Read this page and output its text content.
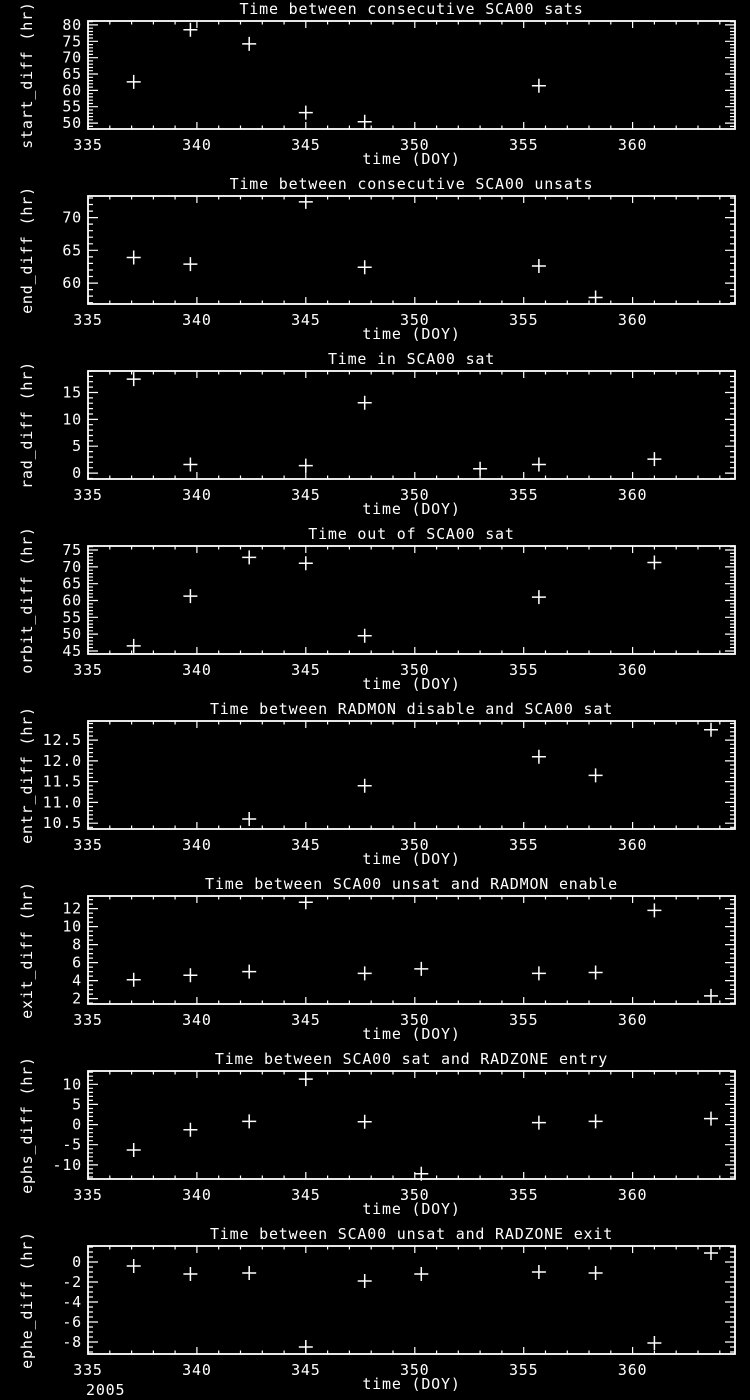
Time between consecutive SCA00 sats
335	340	345	350	355	360
50
55
60
65
70
75
80
time (DOY)
start_diff (hr)
Time between consecutive SCA00 unsats
335	340	345	350	355	360
60
65
70
time (DOY)
end_diff (hr)
Time in SCA00 sat
335	340	345	350	355	360
0
5
10
15
time (DOY)
rad_diff (hr)
Time out of SCA00 sat
335	340	345	350	355	360
45
50
55
60
65
70
75
time (DOY)
orbit_diff (hr)
Time between RADMON disable and SCA00 sat
335	340	345	350	355	360
10.5
11.0
11.5
12.0
12.5
time (DOY)
entr_diff (hr)
Time between SCA00 unsat and RADMON enable
335	340	345	350	355	360
2
4
6
8
10
12
time (DOY)
exit_diff (hr)
Time between SCA00 sat and RADZONE entry
335	340	345	350	355	360
-10
-5
0
5
10
time (DOY)
ephs_diff (hr)
Time between SCA00 unsat and RADZONE exit
335	340	345	350	355	360
-8
-6
-4
-2
0
time (DOY)
ephe_diff (hr)
2005
